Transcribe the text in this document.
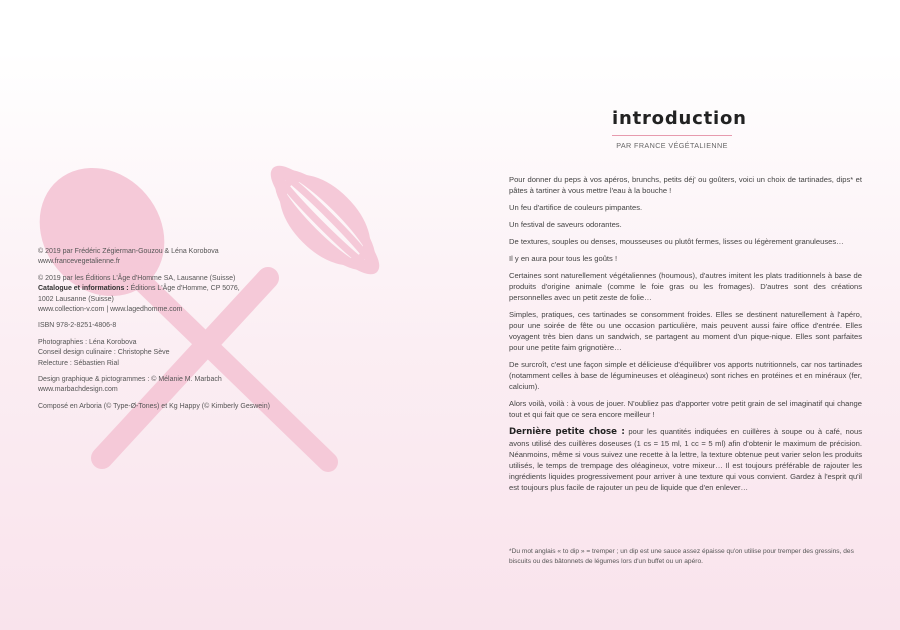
© 2019 par Frédéric Zégierman-Gouzou & Léna Korobova
www.francevegetalienne.fr

© 2019 par les Éditions L'Âge d'Homme SA, Lausanne (Suisse)
Catalogue et informations : Éditions L'Âge d'Homme, CP 5076,
1002 Lausanne (Suisse)
www.collection-v.com | www.lagedhomme.com

ISBN 978-2-8251-4806-8

Photographies : Léna Korobova
Conseil design culinaire : Christophe Sève
Relecture : Sébastien Rial

Design graphique & pictogrammes : © Mélanie M. Marbach
www.marbachdesign.com

Composé en Arboria (© Type-Ø-Tones) et Kg Happy (© Kimberly Geswein)

introduction
PAR FRANCE VÉGÉTALIENNE

Pour donner du peps à vos apéros, brunchs, petits déj' ou goûters, voici un choix de tartinades, dips* et pâtes à tartiner à vous mettre l'eau à la bouche !

Un feu d'artifice de couleurs pimpantes.

Un festival de saveurs odorantes.

De textures, souples ou denses, mousseuses ou plutôt fermes, lisses ou légèrement granuleuses…

Il y en aura pour tous les goûts !

Certaines sont naturellement végétaliennes (houmous), d'autres imitent les plats traditionnels à base de produits d'origine animale (comme le foie gras ou les fromages). D'autres sont des créations personnelles avec un petit zeste de folie…

Simples, pratiques, ces tartinades se consomment froides. Elles se destinent naturellement à l'apéro, pour une soirée de fête ou une occasion particulière, mais peuvent aussi faire office d'entrée. Elles voyagent très bien dans un sandwich, se partagent au moment d'un pique-nique. Elles sont parfaites pour une petite faim grignotière…

De surcroît, c'est une façon simple et délicieuse d'équilibrer vos apports nutritionnels, car nos tartinades (notamment celles à base de légumineuses et oléagineux) sont riches en protéines et en minéraux (fer, calcium).

Alors voilà, voilà : à vous de jouer. N'oubliez pas d'apporter votre petit grain de sel imaginatif qui change tout et qui fait que ce sera encore meilleur !

Dernière petite chose : pour les quantités indiquées en cuillères à soupe ou à café, nous avons utilisé des cuillères doseuses (1 cs = 15 ml, 1 cc = 5 ml) afin d'obtenir le maximum de précision. Néanmoins, même si vous suivez une recette à la lettre, la texture obtenue peut varier selon les produits utilisés, le temps de trempage des oléagineux, votre mixeur… Il est toujours préférable de rajouter les ingrédients liquides progressivement pour arriver à une texture qui vous convient. Gardez à l'esprit qu'il est toujours plus facile de rajouter un peu de liquide que d'en enlever…

*Du mot anglais « to dip » = tremper ; un dip est une sauce assez épaisse qu'on utilise pour tremper des gressins, des biscuits ou des bâtonnets de légumes lors d'un buffet ou un apéro.
